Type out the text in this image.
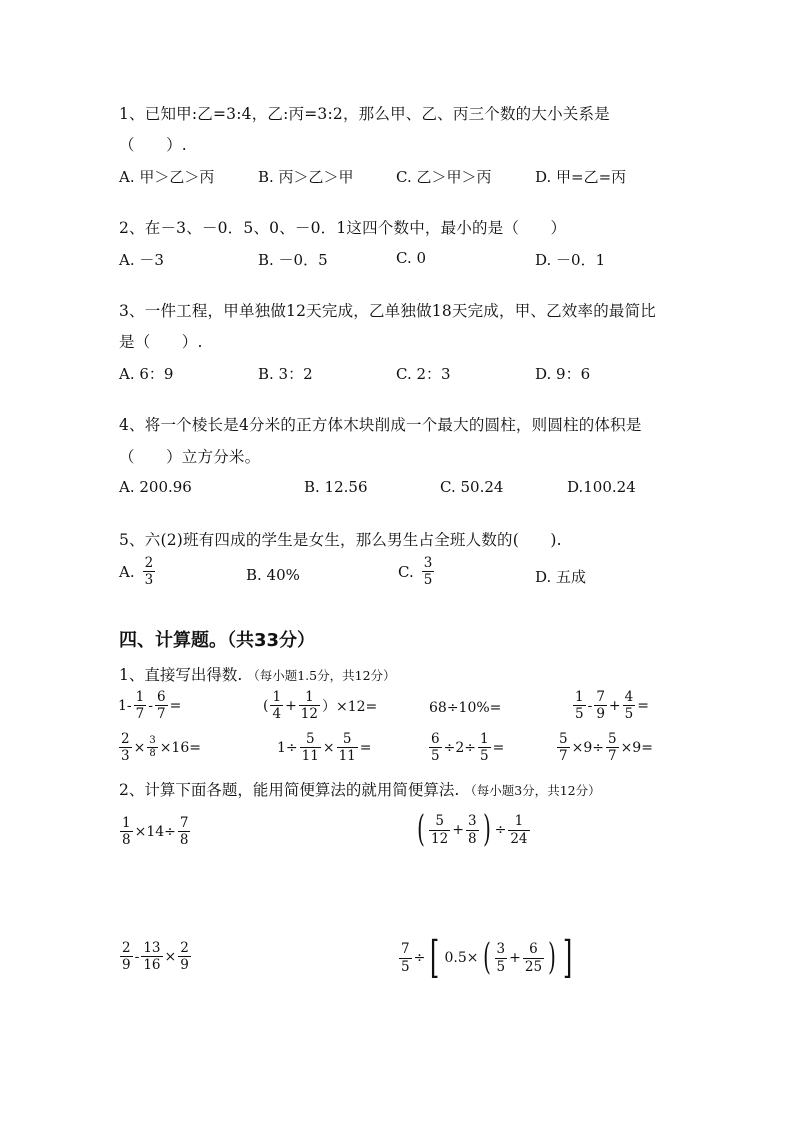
1、已知甲:乙=3:4，乙:丙=3:2，那么甲、乙、丙三个数的大小关系是
（　　）.
A. 甲＞乙＞丙	B. 丙＞乙＞甲	C. 乙＞甲＞丙	D. 甲=乙=丙
2、在－3、－0．5、0、－0．1这四个数中，最小的是（　　）
A. －3	B. －0．5	C. 0	D. －0．1
3、一件工程，甲单独做12天完成，乙单独做18天完成，甲、乙效率的最简比
是（　　）.
A. 6：9	B. 3：2	C. 2：3	D. 9：6
4、将一个棱长是4分米的正方体木块削成一个最大的圆柱，则圆柱的体积是
（　　）立方分米。
A. 200.96	B. 12.56	C. 50.24	D.100.24
5、六(2)班有四成的学生是女生，那么男生占全班人数的(　　).
A. $\frac{2}{3}$	B. 40%	C. $\frac{3}{5}$	D. 五成
四、计算题。（共33分）
1、直接写出得数. （每小题1.5分，共12分）
$1- \frac{1}{7} - \frac{6}{7}$ =	( $\frac{1}{4} + \frac{1}{12} )\times 12=$	68÷10%=	$\frac{1}{5} - \frac{7}{9} + \frac{4}{5}$ =
$\frac{2}{3} \times \frac{3}{8} \times 16=$	$1\div \frac{5}{11} \times \frac{5}{11}$ =	$\frac{6}{5} \div 2\div \frac{1}{5}$ =	$\frac{5}{7} \times 9\div \frac{5}{7} \times 9=$
2、计算下面各题，能用简便算法的就用简便算法. （每小题3分，共12分）
$\frac{1}{8} \times 14\div \frac{7}{8}$	( $\frac{5}{12} + \frac{3}{8}$ ) ÷ $\frac{1}{24}$
$\frac{2}{9} - \frac{13}{16} \times \frac{2}{9}$	$\frac{7}{5}$ ÷ [ 0.5× ( $\frac{3}{5} + \frac{6}{25}$ ) ]
